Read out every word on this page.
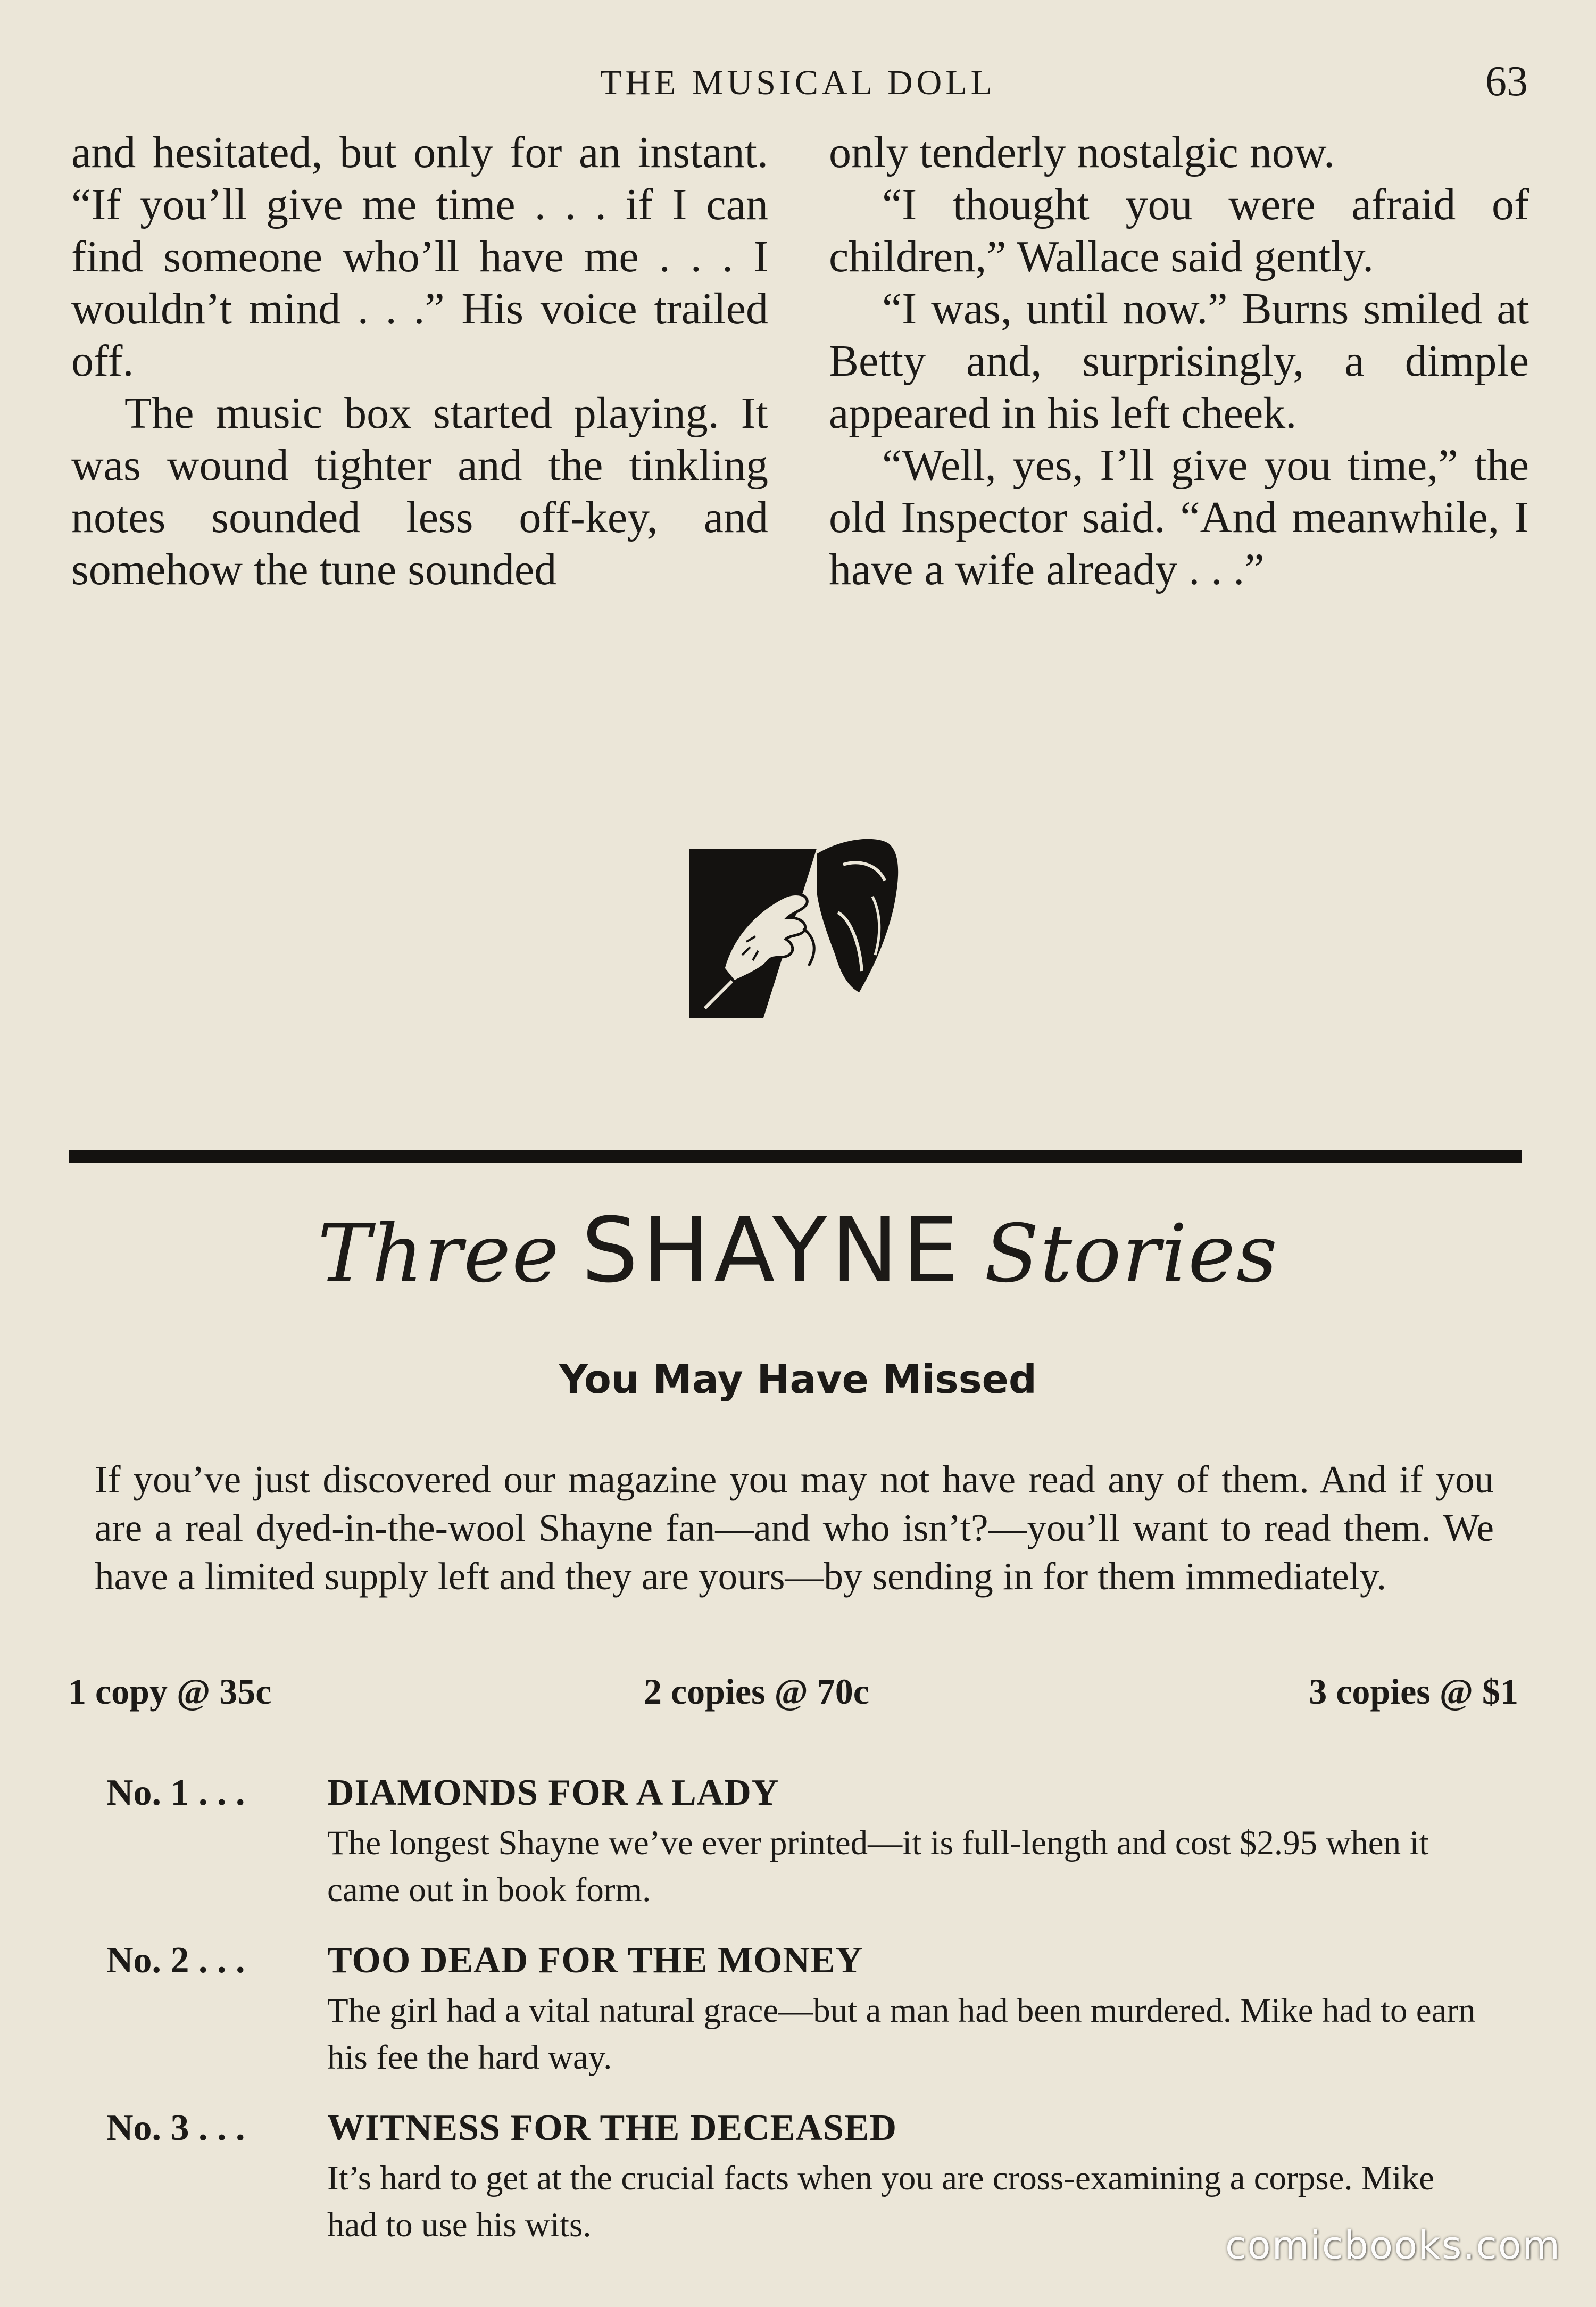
THE MUSICAL DOLL	63

and hesitated, but only for an instant. “If you’ll give me time . . . if I can find someone who’ll have me . . . I wouldn’t mind . . .” His voice trailed off.

The music box started playing. It was wound tighter and the tinkling notes sounded less off-key, and somehow the tune sounded

only tenderly nostalgic now.

“I thought you were afraid of children,” Wallace said gently.

“I was, until now.” Burns smiled at Betty and, surprisingly, a dimple appeared in his left cheek.

“Well, yes, I’ll give you time,” the old Inspector said. “And meanwhile, I have a wife already . . .”

Three SHAYNE Stories
You May Have Missed
If you’ve just discovered our magazine you may not have read any of them. And if you are a real dyed-in-the-wool Shayne fan—and who isn’t?—you’ll want to read them. We have a limited supply left and they are yours—by sending in for them immediately.
1 copy @ 35c	2 copies @ 70c	3 copies @ $1
No. 1 . . . DIAMONDS FOR A LADY
The longest Shayne we’ve ever printed—it is full-length and cost $2.95 when it came out in book form.
No. 2 . . . TOO DEAD FOR THE MONEY
The girl had a vital natural grace—but a man had been murdered. Mike had to earn his fee the hard way.
No. 3 . . . WITNESS FOR THE DECEASED
It’s hard to get at the crucial facts when you are cross-examining a corpse. Mike had to use his wits.	comicbooks.com
